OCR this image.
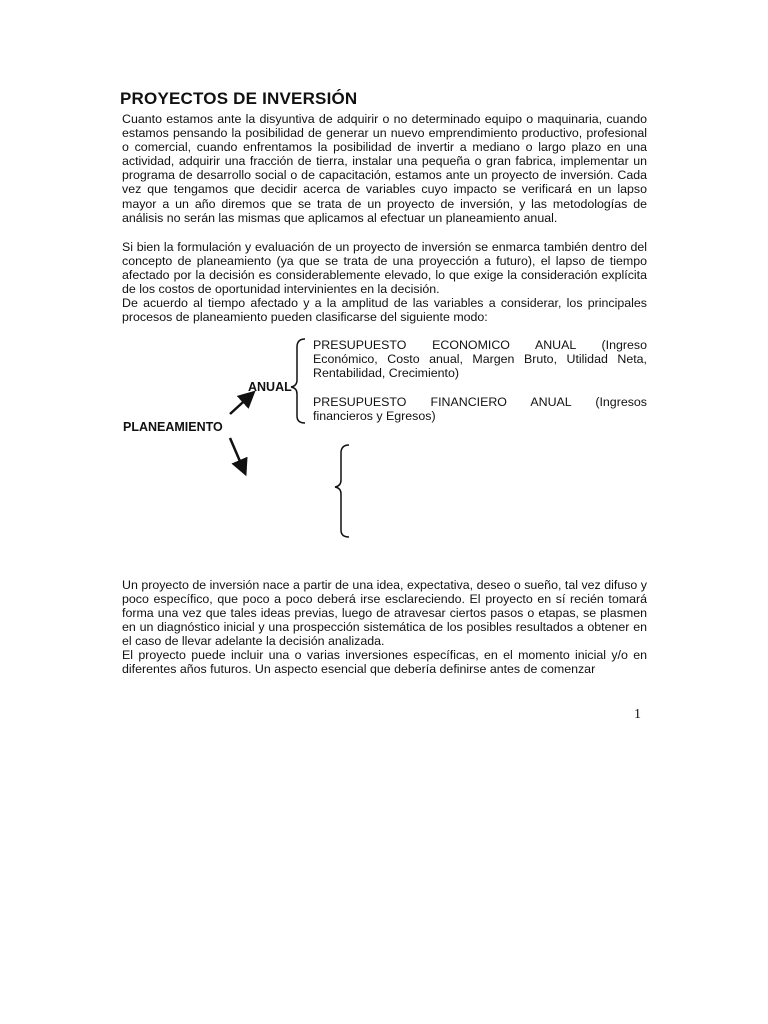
PROYECTOS DE INVERSIÓN

Cuanto estamos ante la disyuntiva de adquirir o no determinado equipo o maquinaria, cuando estamos pensando la posibilidad de generar un nuevo emprendimiento productivo, profesional o comercial, cuando enfrentamos la posibilidad de invertir a mediano o largo plazo en una actividad, adquirir una fracción de tierra, instalar una pequeña o gran fabrica, implementar un programa de desarrollo social o de capacitación, estamos ante un proyecto de inversión. Cada vez que tengamos que decidir acerca de variables cuyo impacto se verificará en un lapso mayor a un año diremos que se trata de un proyecto de inversión, y las metodologías de análisis no serán las mismas que aplicamos al efectuar un planeamiento anual.

Si bien la formulación y evaluación de un proyecto de inversión se enmarca también dentro del concepto de planeamiento (ya que se trata de una proyección a futuro), el lapso de tiempo afectado por la decisión es considerablemente elevado, lo que exige la consideración explícita de los costos de oportunidad intervinientes en la decisión.

De acuerdo al tiempo afectado y a la amplitud de las variables a considerar, los principales procesos de planeamiento pueden clasificarse del siguiente modo:

PLANEAMIENTO
ANUAL
PRESUPUESTO ECONOMICO ANUAL (Ingreso Económico, Costo anual, Margen Bruto, Utilidad Neta, Rentabilidad, Crecimiento)
PRESUPUESTO FINANCIERO ANUAL (Ingresos financieros y Egresos)

Un proyecto de inversión nace a partir de una idea, expectativa, deseo o sueño, tal vez difuso y poco específico, que poco a poco deberá irse esclareciendo. El proyecto en sí recién tomará forma una vez que tales ideas previas, luego de atravesar ciertos pasos o etapas, se plasmen en un diagnóstico inicial y una prospección sistemática de los posibles resultados a obtener en el caso de llevar adelante la decisión analizada.

El proyecto puede incluir una o varias inversiones específicas, en el momento inicial y/o en diferentes años futuros. Un aspecto esencial que debería definirse antes de comenzar

1
